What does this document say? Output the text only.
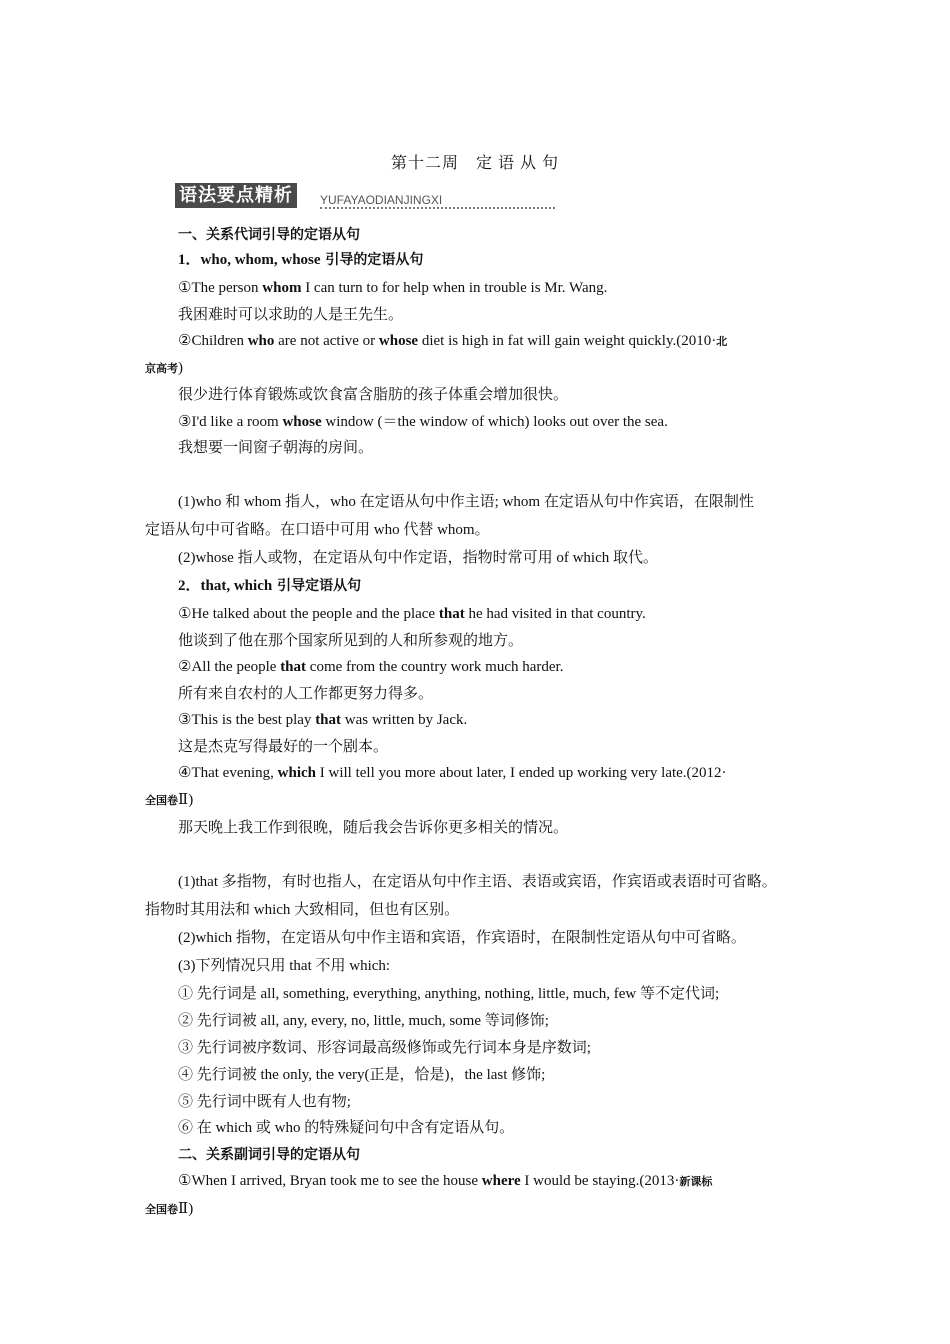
第十二周　定 语 从 句
语法要点精析	YUFAYAODIANJINGXI
一、关系代词引导的定语从句
1．who, whom, whose 引导的定语从句
①The person whom I can turn to for help when in trouble is Mr. Wang.
我困难时可以求助的人是王先生。
②Children who are not active or whose diet is high in fat will gain weight quickly.(2010·北
京高考)
很少进行体育锻炼或饮食富含脂肪的孩子体重会增加很快。
③I'd like a room whose window (＝the window of which) looks out over the sea.
我想要一间窗子朝海的房间。
(1)who 和 whom 指人，who 在定语从句中作主语; whom 在定语从句中作宾语，在限制性
定语从句中可省略。在口语中可用 who 代替 whom。
(2)whose 指人或物，在定语从句中作定语，指物时常可用 of which 取代。
2．that, which 引导定语从句
①He talked about the people and the place that he had visited in that country.
他谈到了他在那个国家所见到的人和所参观的地方。
②All the people that come from the country work much harder.
所有来自农村的人工作都更努力得多。
③This is the best play that was written by Jack.
这是杰克写得最好的一个剧本。
④That evening, which I will tell you more about later, I ended up working very late.(2012·
全国卷Ⅱ)
那天晚上我工作到很晚，随后我会告诉你更多相关的情况。
(1)that 多指物，有时也指人，在定语从句中作主语、表语或宾语，作宾语或表语时可省略。
指物时其用法和 which 大致相同，但也有区别。
(2)which 指物，在定语从句中作主语和宾语，作宾语时，在限制性定语从句中可省略。
(3)下列情况只用 that 不用 which:
① 先行词是 all, something, everything, anything, nothing, little, much, few 等不定代词;
② 先行词被 all, any, every, no, little, much, some 等词修饰;
③ 先行词被序数词、形容词最高级修饰或先行词本身是序数词;
④ 先行词被 the only, the very(正是，恰是)，the last 修饰;
⑤ 先行词中既有人也有物;
⑥ 在 which 或 who 的特殊疑问句中含有定语从句。
二、关系副词引导的定语从句
①When I arrived, Bryan took me to see the house where I would be staying.(2013·新课标
全国卷Ⅱ)
